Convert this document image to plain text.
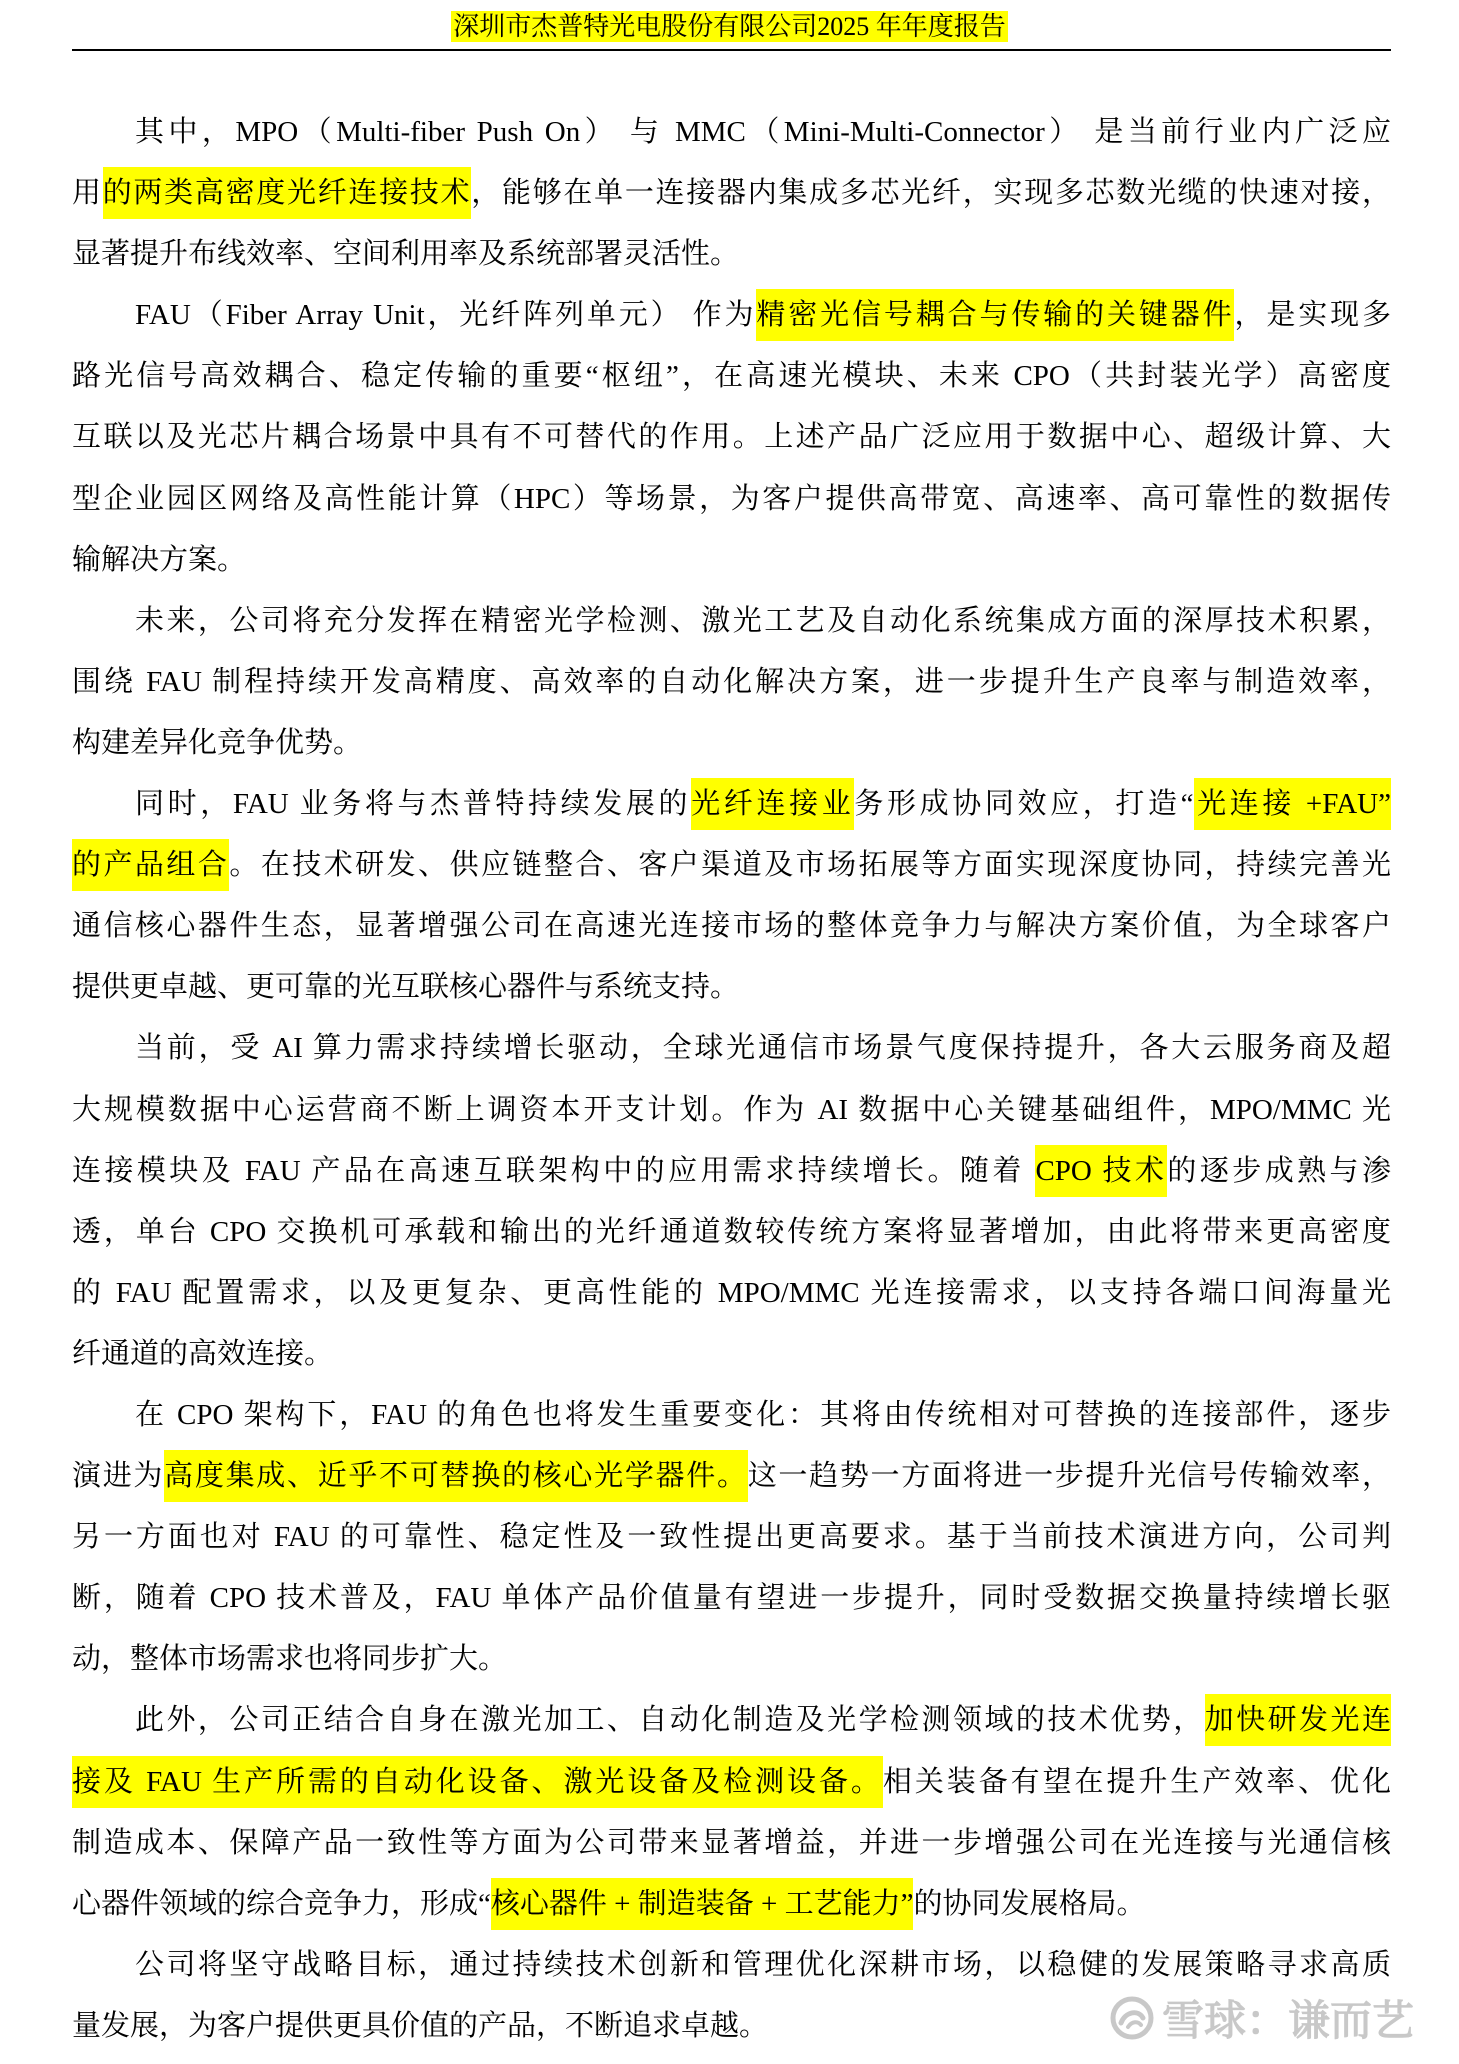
深圳市杰普特光电股份有限公司2025 年年度报告
其中，MPO（Multi-fiber Push On） 与 MMC（Mini-Multi-Connector） 是当前行业内广泛应
用的两类高密度光纤连接技术，能够在单一连接器内集成多芯光纤，实现多芯数光缆的快速对接，
显著提升布线效率、空间利用率及系统部署灵活性。
FAU（Fiber Array Unit，光纤阵列单元） 作为精密光信号耦合与传输的关键器件，是实现多
路光信号高效耦合、稳定传输的重要“枢纽”，在高速光模块、未来 CPO（共封装光学）高密度
互联以及光芯片耦合场景中具有不可替代的作用。上述产品广泛应用于数据中心、超级计算、大
型企业园区网络及高性能计算（HPC）等场景，为客户提供高带宽、高速率、高可靠性的数据传
输解决方案。
未来，公司将充分发挥在精密光学检测、激光工艺及自动化系统集成方面的深厚技术积累，
围绕 FAU 制程持续开发高精度、高效率的自动化解决方案，进一步提升生产良率与制造效率，
构建差异化竞争优势。
同时，FAU 业务将与杰普特持续发展的光纤连接业务形成协同效应，打造“光连接 +FAU”
的产品组合。在技术研发、供应链整合、客户渠道及市场拓展等方面实现深度协同，持续完善光
通信核心器件生态，显著增强公司在高速光连接市场的整体竞争力与解决方案价值，为全球客户
提供更卓越、更可靠的光互联核心器件与系统支持。
当前，受 AI 算力需求持续增长驱动，全球光通信市场景气度保持提升，各大云服务商及超
大规模数据中心运营商不断上调资本开支计划。作为 AI 数据中心关键基础组件，MPO/MMC 光
连接模块及 FAU 产品在高速互联架构中的应用需求持续增长。随着 CPO 技术的逐步成熟与渗
透，单台 CPO 交换机可承载和输出的光纤通道数较传统方案将显著增加，由此将带来更高密度
的 FAU 配置需求，以及更复杂、更高性能的 MPO/MMC 光连接需求，以支持各端口间海量光
纤通道的高效连接。
在 CPO 架构下，FAU 的角色也将发生重要变化：其将由传统相对可替换的连接部件，逐步
演进为高度集成、近乎不可替换的核心光学器件。这一趋势一方面将进一步提升光信号传输效率，
另一方面也对 FAU 的可靠性、稳定性及一致性提出更高要求。基于当前技术演进方向，公司判
断，随着 CPO 技术普及，FAU 单体产品价值量有望进一步提升，同时受数据交换量持续增长驱
动，整体市场需求也将同步扩大。
此外，公司正结合自身在激光加工、自动化制造及光学检测领域的技术优势，加快研发光连
接及 FAU 生产所需的自动化设备、激光设备及检测设备。相关装备有望在提升生产效率、优化
制造成本、保障产品一致性等方面为公司带来显著增益，并进一步增强公司在光连接与光通信核
心器件领域的综合竞争力，形成“核心器件 + 制造装备 + 工艺能力”的协同发展格局。
公司将坚守战略目标，通过持续技术创新和管理优化深耕市场，以稳健的发展策略寻求高质
量发展，为客户提供更具价值的产品，不断追求卓越。	雪球：谦而艺
